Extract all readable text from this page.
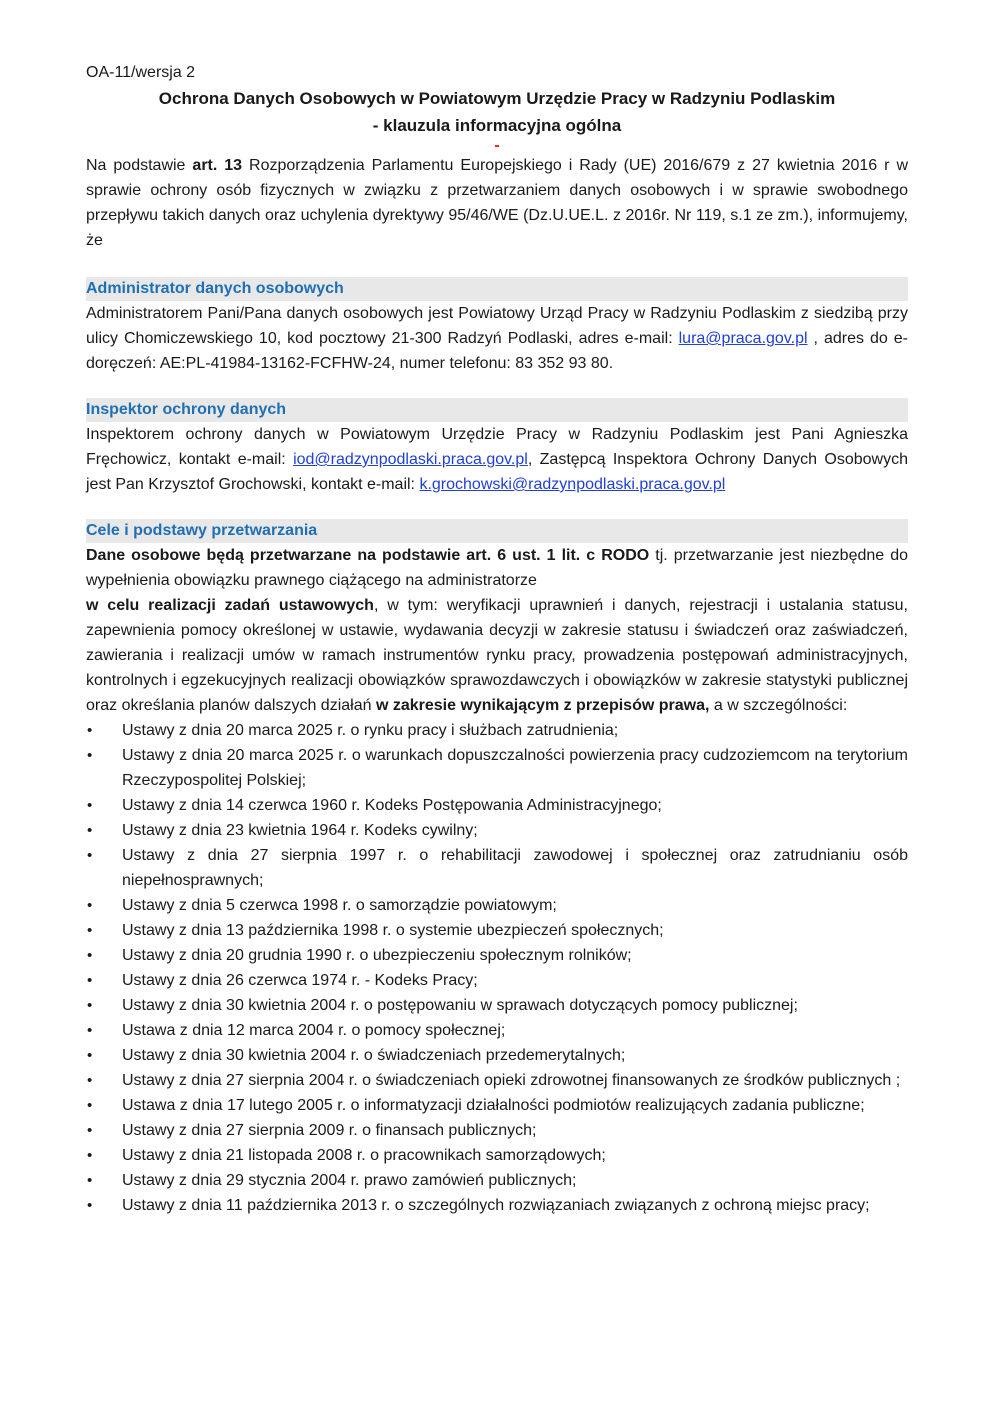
OA-11/wersja 2
Ochrona Danych Osobowych w Powiatowym Urzędzie Pracy w Radzyniu Podlaskim
- klauzula informacyjna ogólna
-

Na podstawie art. 13 Rozporządzenia Parlamentu Europejskiego i Rady (UE) 2016/679 z 27 kwietnia 2016 r w sprawie ochrony osób fizycznych w związku z przetwarzaniem danych osobowych i w sprawie swobodnego przepływu takich danych oraz uchylenia dyrektywy 95/46/WE (Dz.U.UE.L. z 2016r. Nr 119, s.1 ze zm.), informujemy, że

Administrator danych osobowych

Administratorem Pani/Pana danych osobowych jest Powiatowy Urząd Pracy w Radzyniu Podlaskim z siedzibą przy ulicy Chomiczewskiego 10, kod pocztowy 21-300 Radzyń Podlaski, adres e-mail: lura@praca.gov.pl , adres do e-doręczeń: AE:PL-41984-13162-FCFHW-24, numer telefonu: 83 352 93 80.

Inspektor ochrony danych

Inspektorem ochrony danych w Powiatowym Urzędzie Pracy w Radzyniu Podlaskim jest Pani Agnieszka Fręchowicz, kontakt e-mail: iod@radzynpodlaski.praca.gov.pl, Zastępcą Inspektora Ochrony Danych Osobowych jest Pan Krzysztof Grochowski, kontakt e-mail: k.grochowski@radzynpodlaski.praca.gov.pl

Cele i podstawy przetwarzania

Dane osobowe będą przetwarzane na podstawie art. 6 ust. 1 lit. c RODO tj. przetwarzanie jest niezbędne do wypełnienia obowiązku prawnego ciążącego na administratorze

w celu realizacji zadań ustawowych, w tym: weryfikacji uprawnień i danych, rejestracji i ustalania statusu, zapewnienia pomocy określonej w ustawie, wydawania decyzji w zakresie statusu i świadczeń oraz zaświadczeń, zawierania i realizacji umów w ramach instrumentów rynku pracy, prowadzenia postępowań administracyjnych, kontrolnych i egzekucyjnych realizacji obowiązków sprawozdawczych i obowiązków w zakresie statystyki publicznej oraz określania planów dalszych działań w zakresie wynikającym z przepisów prawa, a w szczególności:

• Ustawy z dnia 20 marca 2025 r. o rynku pracy i służbach zatrudnienia;
• Ustawy z dnia 20 marca 2025 r. o warunkach dopuszczalności powierzenia pracy cudzoziemcom na terytorium Rzeczypospolitej Polskiej;
• Ustawy z dnia 14 czerwca 1960 r. Kodeks Postępowania Administracyjnego;
• Ustawy z dnia 23 kwietnia 1964 r. Kodeks cywilny;
• Ustawy z dnia 27 sierpnia 1997 r. o rehabilitacji zawodowej i społecznej oraz zatrudnianiu osób niepełnosprawnych;
• Ustawy z dnia 5 czerwca 1998 r. o samorządzie powiatowym;
• Ustawy z dnia 13 października 1998 r. o systemie ubezpieczeń społecznych;
• Ustawy z dnia 20 grudnia 1990 r. o ubezpieczeniu społecznym rolników;
• Ustawy z dnia 26 czerwca 1974 r. - Kodeks Pracy;
• Ustawy z dnia 30 kwietnia 2004 r. o postępowaniu w sprawach dotyczących pomocy publicznej;
• Ustawa z dnia 12 marca 2004 r. o pomocy społecznej;
• Ustawy z dnia 30 kwietnia 2004 r. o świadczeniach przedemerytalnych;
• Ustawy z dnia 27 sierpnia 2004 r. o świadczeniach opieki zdrowotnej finansowanych ze środków publicznych ;
• Ustawa z dnia 17 lutego 2005 r. o informatyzacji działalności podmiotów realizujących zadania publiczne;
• Ustawy z dnia 27 sierpnia 2009 r. o finansach publicznych;
• Ustawy z dnia 21 listopada 2008 r. o pracownikach samorządowych;
• Ustawy z dnia 29 stycznia 2004 r. prawo zamówień publicznych;
• Ustawy z dnia 11 października 2013 r. o szczególnych rozwiązaniach związanych z ochroną miejsc pracy;
